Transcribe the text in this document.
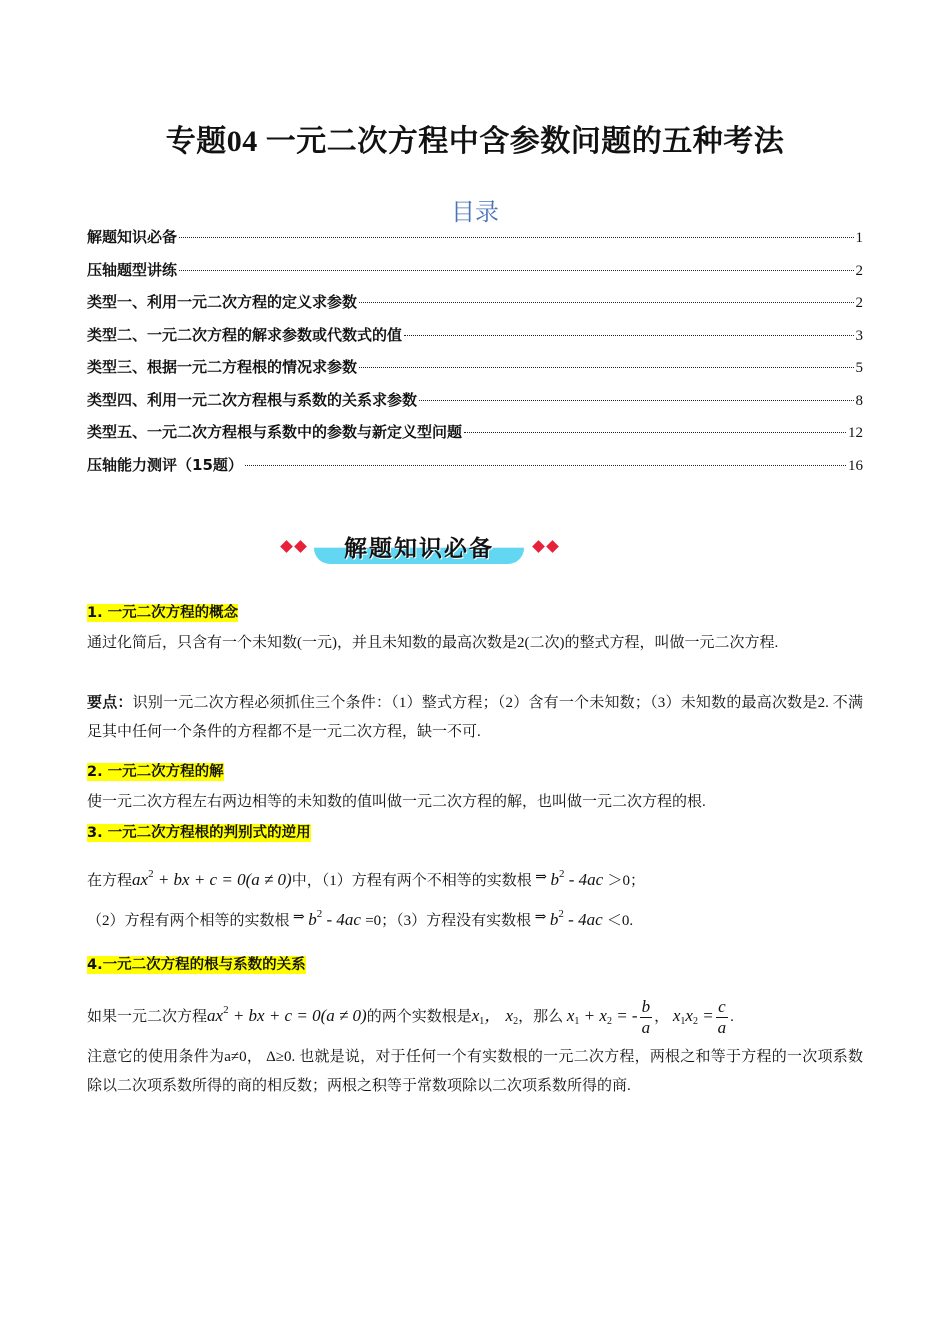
专题04 一元二次方程中含参数问题的五种考法
目录
解题知识必备	1
压轴题型讲练	2
类型一、利用一元二次方程的定义求参数	2
类型二、一元二次方程的解求参数或代数式的值	3
类型三、根据一元二方程根的情况求参数	5
类型四、利用一元二次方程根与系数的关系求参数	8
类型五、一元二次方程根与系数中的参数与新定义型问题	12
压轴能力测评（15题）	16
解题知识必备
1. 一元二次方程的概念
通过化简后，只含有一个未知数(一元)，并且未知数的最高次数是2(二次)的整式方程，叫做一元二次方程.
要点：识别一元二次方程必须抓住三个条件：（1）整式方程；（2）含有一个未知数；（3）未知数的最高次数是2. 不满足其中任何一个条件的方程都不是一元二次方程，缺一不可.
2. 一元二次方程的解
使一元二次方程左右两边相等的未知数的值叫做一元二次方程的解，也叫做一元二次方程的根.
3. 一元二次方程根的判别式的逆用
在方程$ax^2$ + bx + c = 0(a ≠ 0)中，（1）方程有两个不相等的实数根 ⇒ $b^2 - 4ac >0$；
（2）方程有两个相等的实数根 ⇒ $b^2 - 4ac =0$；（3）方程没有实数根 ⇒ $b^2 - 4ac <0$.
4.一元二次方程的根与系数的关系
如果一元二次方程$ax^2$ + bx + c = 0(a ≠ 0)的两个实数根是$x_1$， $x_2$，那么 $x_1 + x_2$ = - $\frac{b}{a}$ ， $x_1x_2 = \frac{c}{a}$ .
注意它的使用条件为a≠0， Δ≥0. 也就是说，对于任何一个有实数根的一元二次方程，两根之和等于方程的一次项系数除以二次项系数所得的商的相反数；两根之积等于常数项除以二次项系数所得的商.
